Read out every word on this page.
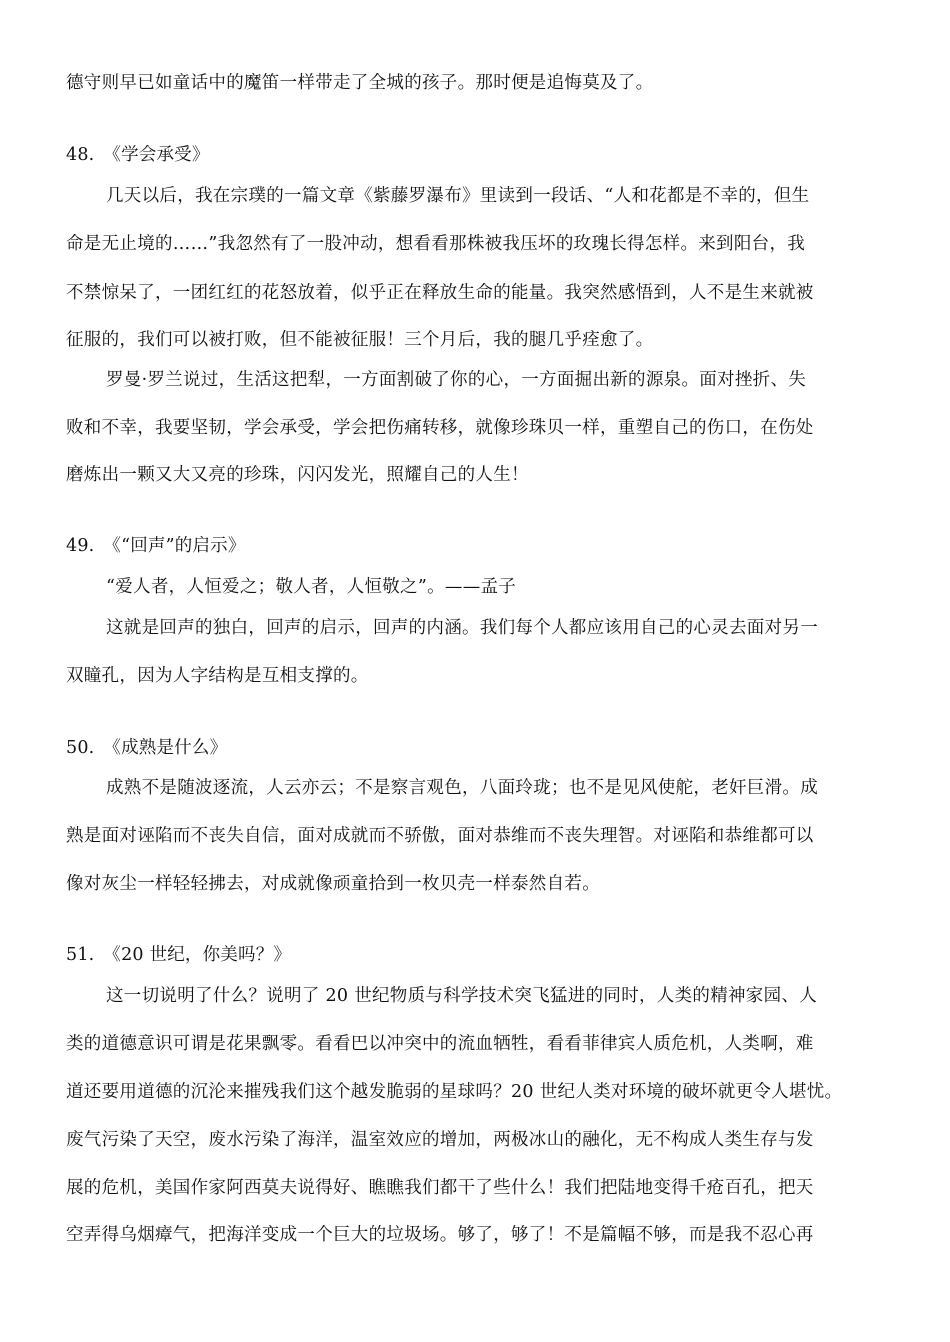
德守则早已如童话中的魔笛一样带走了全城的孩子。那时便是追悔莫及了。
48.　《学会承受》
几天以后，我在宗璞的一篇文章《紫藤罗瀑布》里读到一段话、“人和花都是不幸的，但生
命是无止境的……”我忽然有了一股冲动，想看看那株被我压坏的玫瑰长得怎样。来到阳台，我
不禁惊呆了，一团红红的花怒放着，似乎正在释放生命的能量。我突然感悟到，人不是生来就被
征服的，我们可以被打败，但不能被征服！三个月后，我的腿几乎痊愈了。
罗曼·罗兰说过，生活这把犁，一方面割破了你的心，一方面掘出新的源泉。面对挫折、失
败和不幸，我要坚韧，学会承受，学会把伤痛转移，就像珍珠贝一样，重塑自己的伤口，在伤处
磨炼出一颗又大又亮的珍珠，闪闪发光，照耀自己的人生！
49.　《“回声”的启示》
“爱人者，人恒爱之；敬人者，人恒敬之”。——孟子
这就是回声的独白，回声的启示，回声的内涵。我们每个人都应该用自己的心灵去面对另一
双瞳孔，因为人字结构是互相支撑的。
50.　《成熟是什么》
成熟不是随波逐流，人云亦云；不是察言观色，八面玲珑；也不是见风使舵，老奸巨滑。成
熟是面对诬陷而不丧失自信，面对成就而不骄傲，面对恭维而不丧失理智。对诬陷和恭维都可以
像对灰尘一样轻轻拂去，对成就像顽童拾到一枚贝壳一样泰然自若。
51.　《20 世纪，你美吗？》
这一切说明了什么？说明了 20 世纪物质与科学技术突飞猛进的同时，人类的精神家园、人
类的道德意识可谓是花果飘零。看看巴以冲突中的流血牺牲，看看菲律宾人质危机，人类啊，难
道还要用道德的沉沦来摧残我们这个越发脆弱的星球吗？20 世纪人类对环境的破坏就更令人堪忧。
废气污染了天空，废水污染了海洋，温室效应的增加，两极冰山的融化，无不构成人类生存与发
展的危机，美国作家阿西莫夫说得好、瞧瞧我们都干了些什么！我们把陆地变得千疮百孔，把天
空弄得乌烟瘴气，把海洋变成一个巨大的垃圾场。够了，够了！不是篇幅不够，而是我不忍心再
